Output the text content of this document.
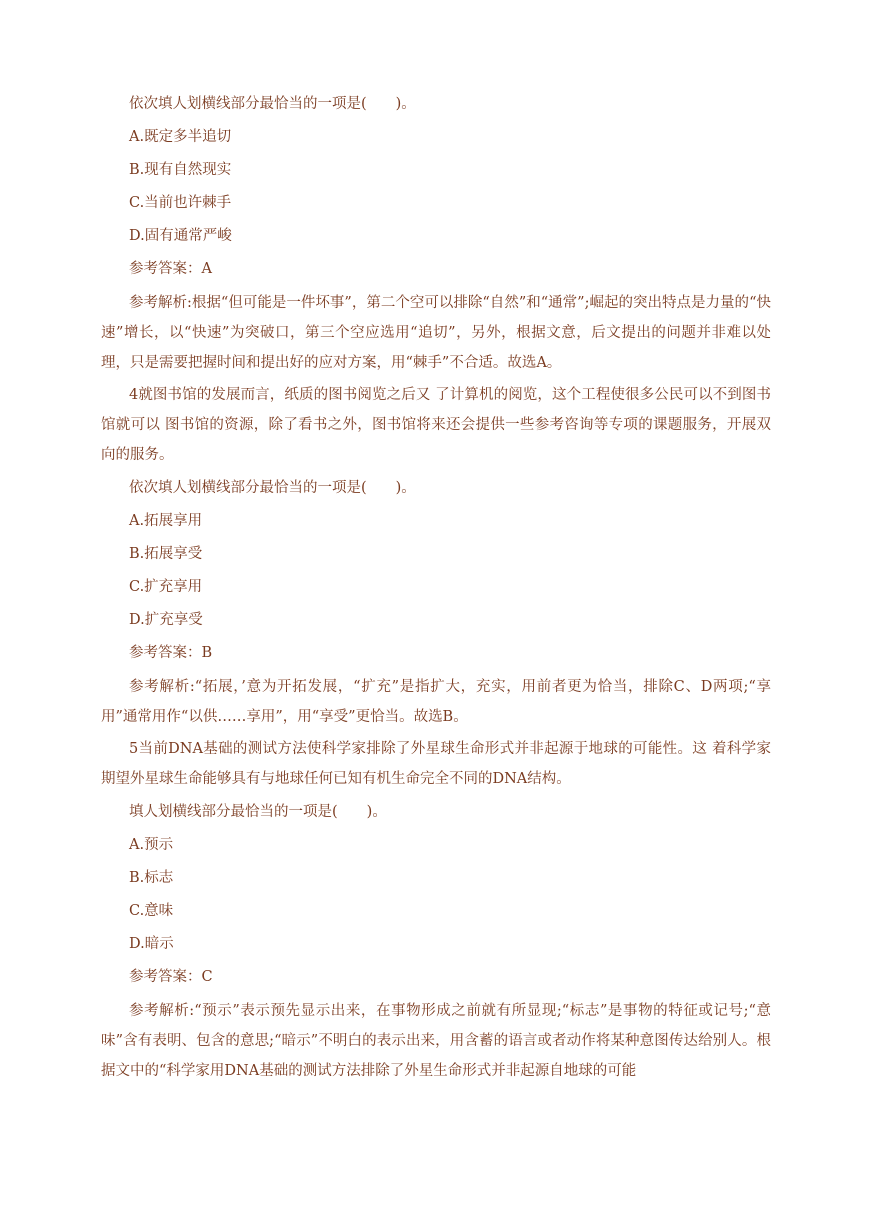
依次填人划横线部分最恰当的一项是(　　)。
A.既定多半追切
B.现有自然现实
C.当前也许棘手
D.固有通常严峻
参考答案：A
参考解析:根据“但可能是一件坏事”，第二个空可以排除“自然”和“通常”;崛起的突出特点是力量的“快速”增长，以“快速”为突破口，第三个空应选用“追切”，另外，根据文意，后文提出的问题并非难以处理，只是需要把握时间和提出好的应对方案，用“棘手”不合适。故选A。
4就图书馆的发展而言，纸质的图书阅览之后又 了计算机的阅览，这个工程使很多公民可以不到图书馆就可以 图书馆的资源，除了看书之外，图书馆将来还会提供一些参考咨询等专项的课题服务，开展双向的服务。
依次填人划横线部分最恰当的一项是(　　)。
A.拓展享用
B.拓展享受
C.扩充享用
D.扩充享受
参考答案：B
参考解析:“拓展，’意为开拓发展，“扩充”是指扩大，充实，用前者更为恰当，排除C、D两项;“享用”通常用作“以供……享用”，用“享受”更恰当。故选B。
5当前DNA基础的测试方法使科学家排除了外星球生命形式并非起源于地球的可能性。这 着科学家期望外星球生命能够具有与地球任何已知有机生命完全不同的DNA结构。
填人划横线部分最恰当的一项是(　　)。
A.预示
B.标志
C.意味
D.暗示
参考答案：C
参考解析:“预示”表示预先显示出来，在事物形成之前就有所显现;“标志”是事物的特征或记号;“意味”含有表明、包含的意思;“暗示”不明白的表示出来，用含蓄的语言或者动作将某种意图传达给别人。根据文中的“科学家用DNA基础的测试方法排除了外星生命形式并非起源自地球的可能
